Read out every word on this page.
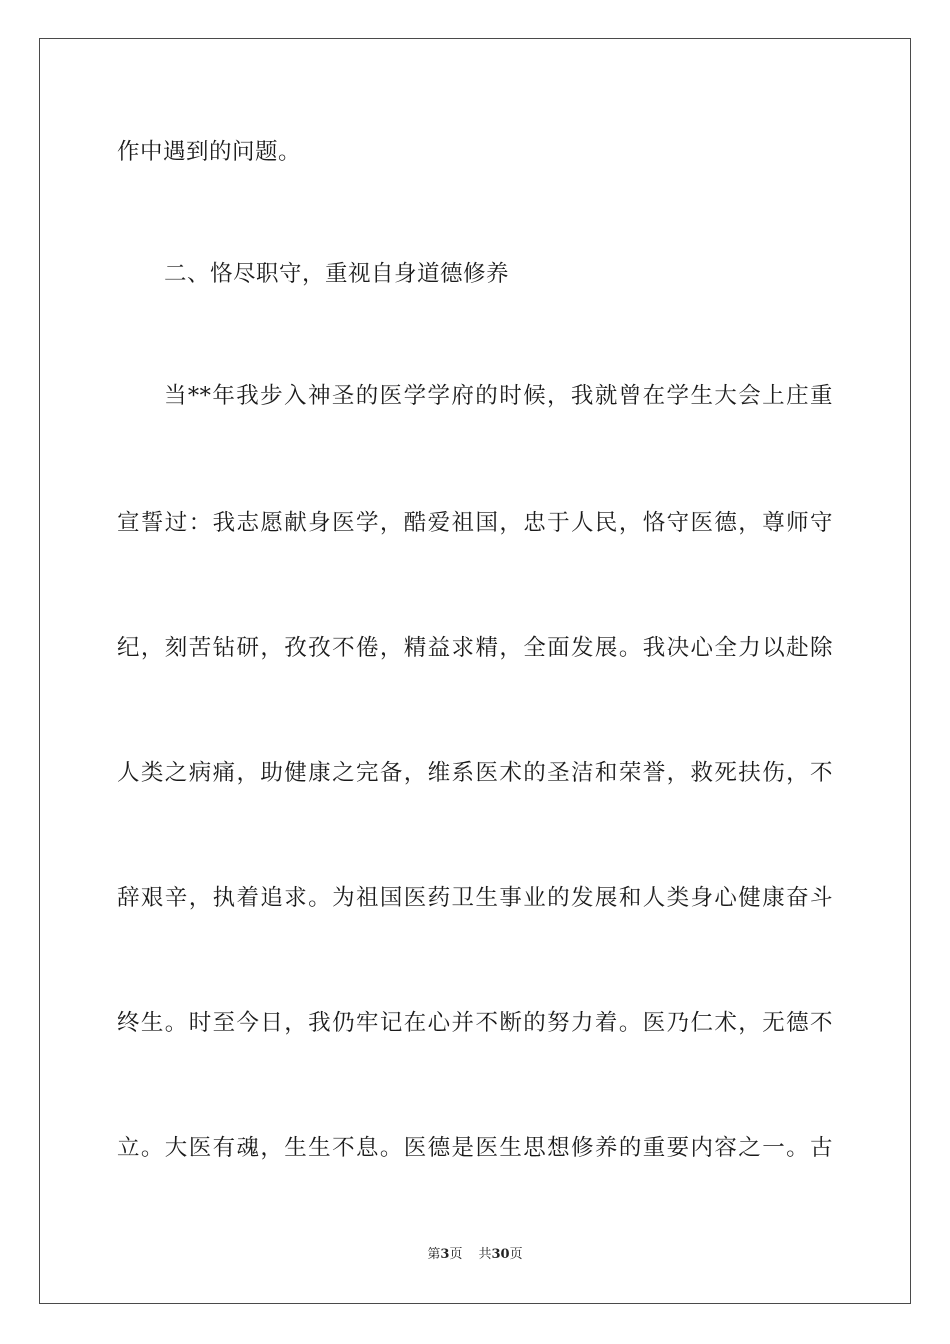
作中遇到的问题。
二、恪尽职守，重视自身道德修养
当**年我步入神圣的医学学府的时候，我就曾在学生大会上庄重
宣誓过：我志愿献身医学，酷爱祖国，忠于人民，恪守医德，尊师守
纪，刻苦钻研，孜孜不倦，精益求精，全面发展。我决心全力以赴除
人类之病痛，助健康之完备，维系医术的圣洁和荣誉，救死扶伤，不
辞艰辛，执着追求。为祖国医药卫生事业的发展和人类身心健康奋斗
终生。时至今日，我仍牢记在心并不断的努力着。医乃仁术，无德不
立。大医有魂，生生不息。医德是医生思想修养的重要内容之一。古
第3页 共30页
